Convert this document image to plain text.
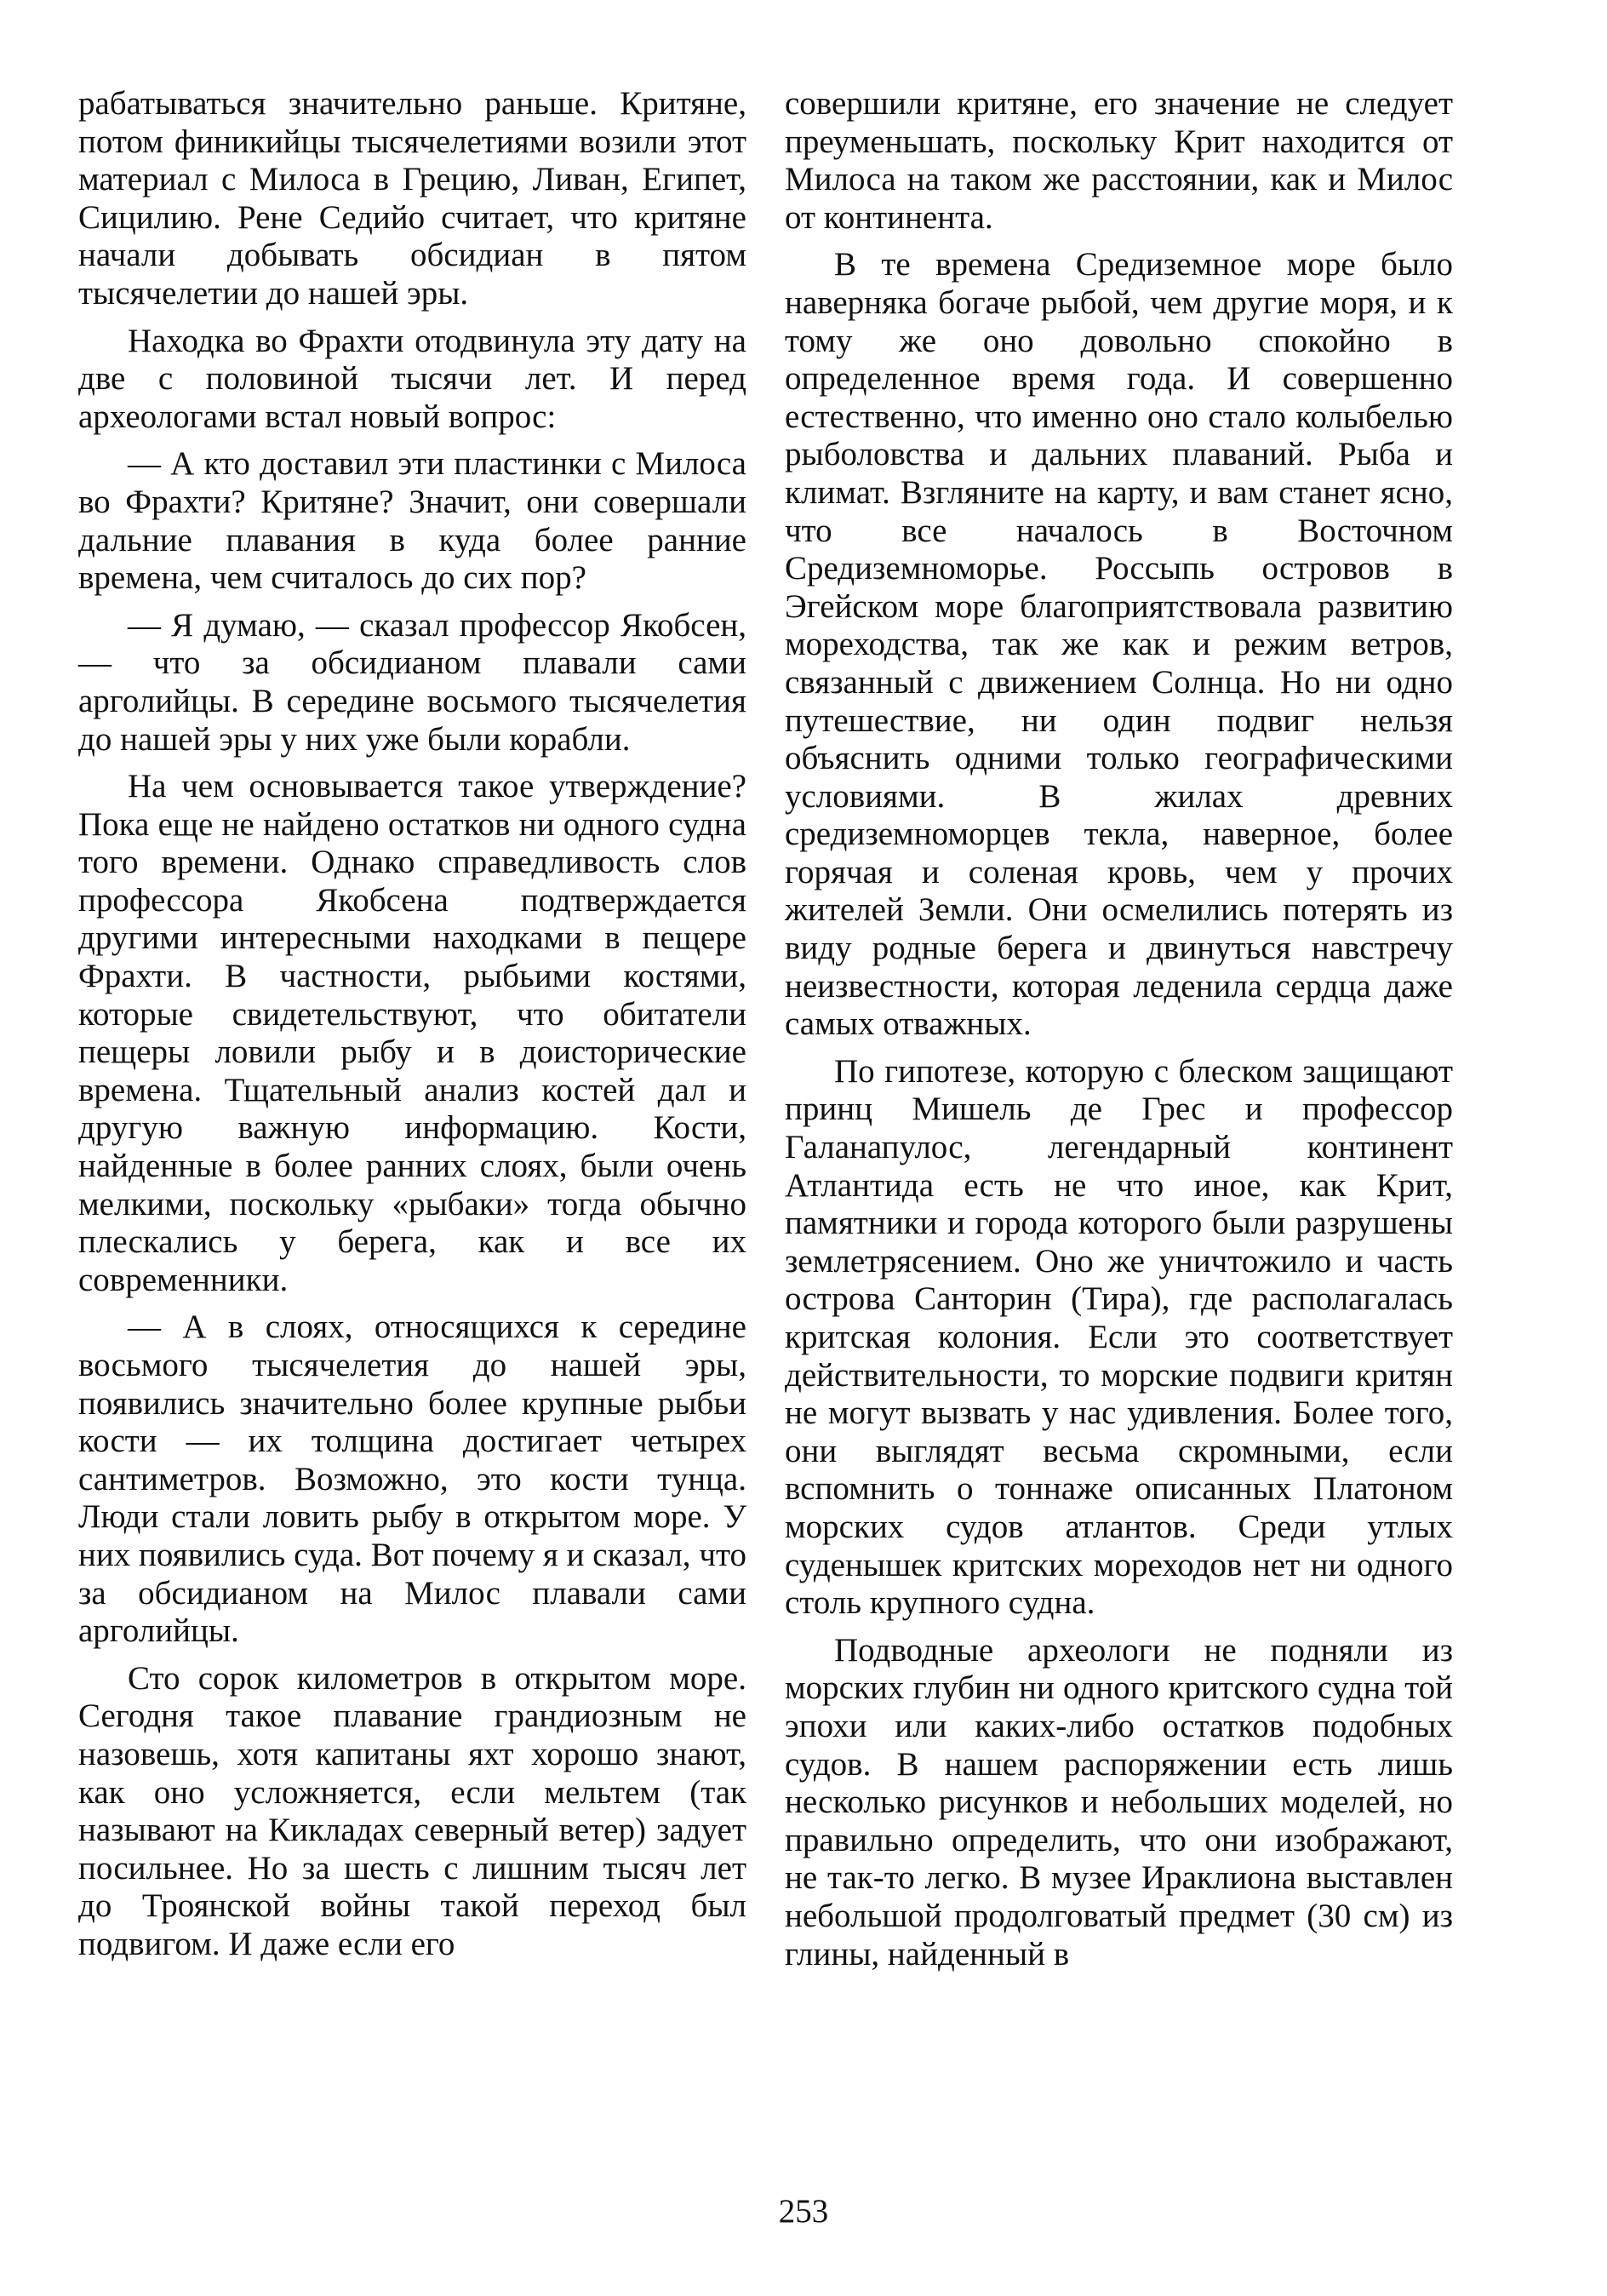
рабатываться значительно раньше. Критяне, потом финикийцы тысячелетиями возили этот материал с Милоса в Грецию, Ливан, Египет, Сицилию. Рене Седийо считает, что критяне начали добывать обсидиан в пятом тысячелетии до нашей эры.

Находка во Фрахти отодвинула эту дату на две с половиной тысячи лет. И перед археологами встал новый вопрос:

— А кто доставил эти пластинки с Милоса во Фрахти? Критяне? Значит, они совершали дальние плавания в куда более ранние времена, чем считалось до сих пор?

— Я думаю, — сказал профессор Якобсен, — что за обсидианом плавали сами арголийцы. В середине восьмого тысячелетия до нашей эры у них уже были корабли.

На чем основывается такое утверждение? Пока еще не найдено остатков ни одного судна того времени. Однако справедливость слов профессора Якобсена подтверждается другими интересными находками в пещере Фрахти. В частности, рыбьими костями, которые свидетельствуют, что обитатели пещеры ловили рыбу и в доисторические времена. Тщательный анализ костей дал и другую важную информацию. Кости, найденные в более ранних слоях, были очень мелкими, поскольку «рыбаки» тогда обычно плескались у берега, как и все их современники.

— А в слоях, относящихся к середине восьмого тысячелетия до нашей эры, появились значительно более крупные рыбьи кости — их толщина достигает четырех сантиметров. Возможно, это кости тунца. Люди стали ловить рыбу в открытом море. У них появились суда. Вот почему я и сказал, что за обсидианом на Милос плавали сами арголийцы.

Сто сорок километров в открытом море. Сегодня такое плавание грандиозным не назовешь, хотя капитаны яхт хорошо знают, как оно усложняется, если мельтем (так называют на Кикладах северный ветер) задует посильнее. Но за шесть с лишним тысяч лет до Троянской войны такой переход был подвигом. И даже если его

совершили критяне, его значение не следует преуменьшать, поскольку Крит находится от Милоса на таком же расстоянии, как и Милос от континента.

В те времена Средиземное море было наверняка богаче рыбой, чем другие моря, и к тому же оно довольно спокойно в определенное время года. И совершенно естественно, что именно оно стало колыбелью рыболовства и дальних плаваний. Рыба и климат. Взгляните на карту, и вам станет ясно, что все началось в Восточном Средиземноморье. Россыпь островов в Эгейском море благоприятствовала развитию мореходства, так же как и режим ветров, связанный с движением Солнца. Но ни одно путешествие, ни один подвиг нельзя объяснить одними только географическими условиями. В жилах древних средиземноморцев текла, наверное, более горячая и соленая кровь, чем у прочих жителей Земли. Они осмелились потерять из виду родные берега и двинуться навстречу неизвестности, которая леденила сердца даже самых отважных.

По гипотезе, которую с блеском защищают принц Мишель де Грес и профессор Галанапулос, легендарный континент Атлантида есть не что иное, как Крит, памятники и города которого были разрушены землетрясением. Оно же уничтожило и часть острова Санторин (Тира), где располагалась критская колония. Если это соответствует действительности, то морские подвиги критян не могут вызвать у нас удивления. Более того, они выглядят весьма скромными, если вспомнить о тоннаже описанных Платоном морских судов атлантов. Среди утлых суденышек критских мореходов нет ни одного столь крупного судна.

Подводные археологи не подняли из морских глубин ни одного критского судна той эпохи или каких-либо остатков подобных судов. В нашем распоряжении есть лишь несколько рисунков и небольших моделей, но правильно определить, что они изображают, не так-то легко. В музее Ираклиона выставлен небольшой продолговатый предмет (30 см) из глины, найденный в

253
